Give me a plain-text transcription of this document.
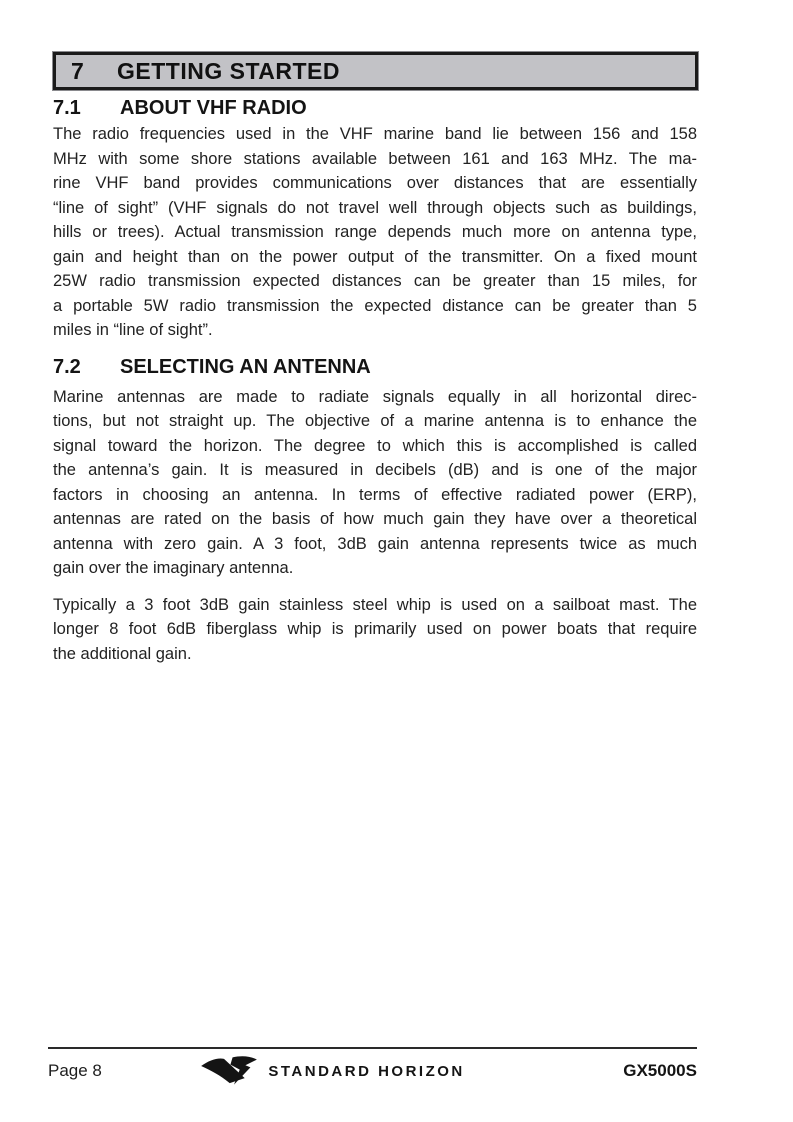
7	GETTING STARTED
7.1	ABOUT VHF RADIO
The radio frequencies used in the VHF marine band lie between 156 and 158
MHz with some shore stations available between 161 and 163 MHz. The ma-
rine VHF band provides communications over distances that are essentially
“line of sight” (VHF signals do not travel well through objects such as buildings,
hills or trees). Actual transmission range depends much more on antenna type,
gain and height than on the power output of the transmitter. On a fixed mount
25W radio transmission expected distances can be greater than 15 miles, for
a portable 5W radio transmission the expected distance can be greater than 5
miles in “line of sight”.
7.2	SELECTING AN ANTENNA
Marine antennas are made to radiate signals equally in all horizontal direc-
tions, but not straight up. The objective of a marine antenna is to enhance the
signal toward the horizon. The degree to which this is accomplished is called
the antenna’s gain. It is measured in decibels (dB) and is one of the major
factors in choosing an antenna. In terms of effective radiated power (ERP),
antennas are rated on the basis of how much gain they have over a theoretical
antenna with zero gain. A 3 foot, 3dB gain antenna represents twice as much
gain over the imaginary antenna.
Typically a 3 foot 3dB gain stainless steel whip is used on a sailboat mast. The
longer 8 foot 6dB fiberglass whip is primarily used on power boats that require
the additional gain.
Page 8	STANDARD HORIZON	GX5000S
